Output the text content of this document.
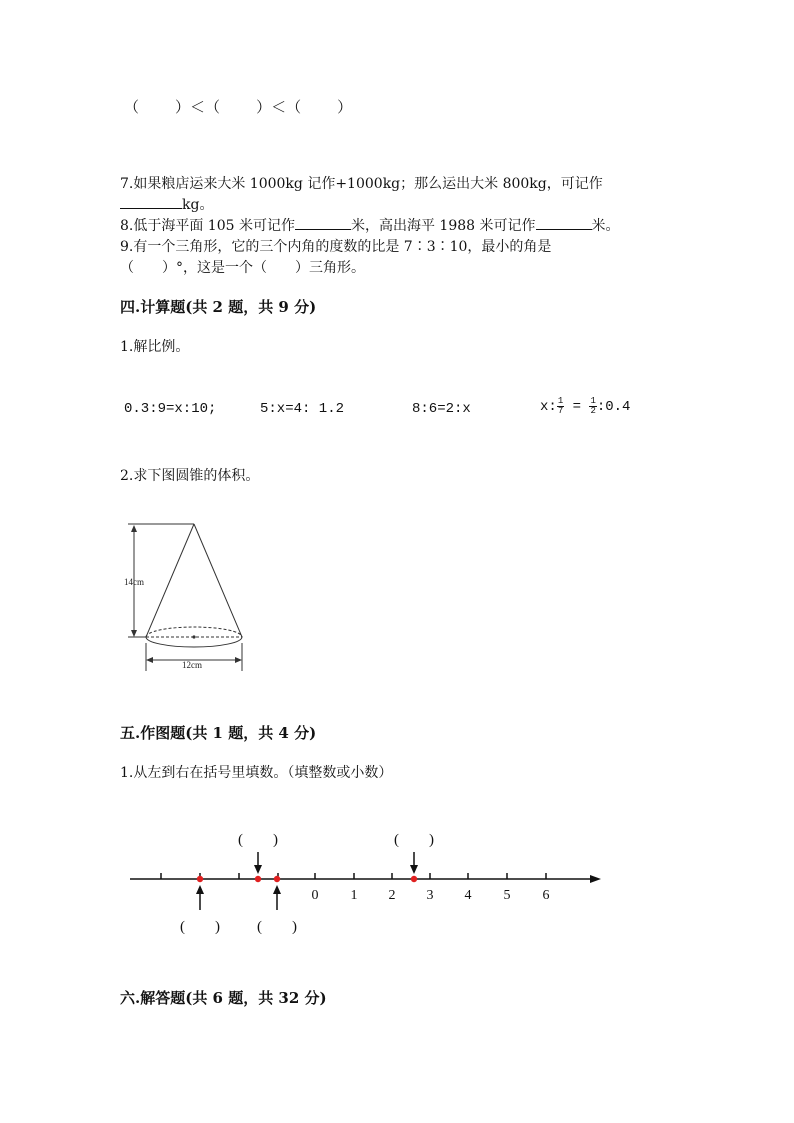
（ ）＜（ ）＜（ ）
7.如果粮店运来大米 1000kg 记作+1000kg；那么运出大米 800kg，可记作
kg。
8.低于海平面 105 米可记作	米，高出海平 1988 米可记作	米。
9.有一个三角形，它的三个内角的度数的比是 7∶3∶10，最小的角是
（　　）°，这是一个（　　）三角形。
四.计算题(共 2 题，共 9 分)
1.解比例。
0.3:9=x:10;	5:x=4: 1.2	8:6=2:x	x: $\frac{1}{7} = \frac{1}{2}$ :0.4
2.求下图圆锥的体积。
14cm
12cm
五.作图题(共 1 题，共 4 分)
1.从左到右在括号里填数。（填整数或小数）
0 1 2 3 4 5 6
(　　)	(　　)
(　　) (　　)
六.解答题(共 6 题，共 32 分)
